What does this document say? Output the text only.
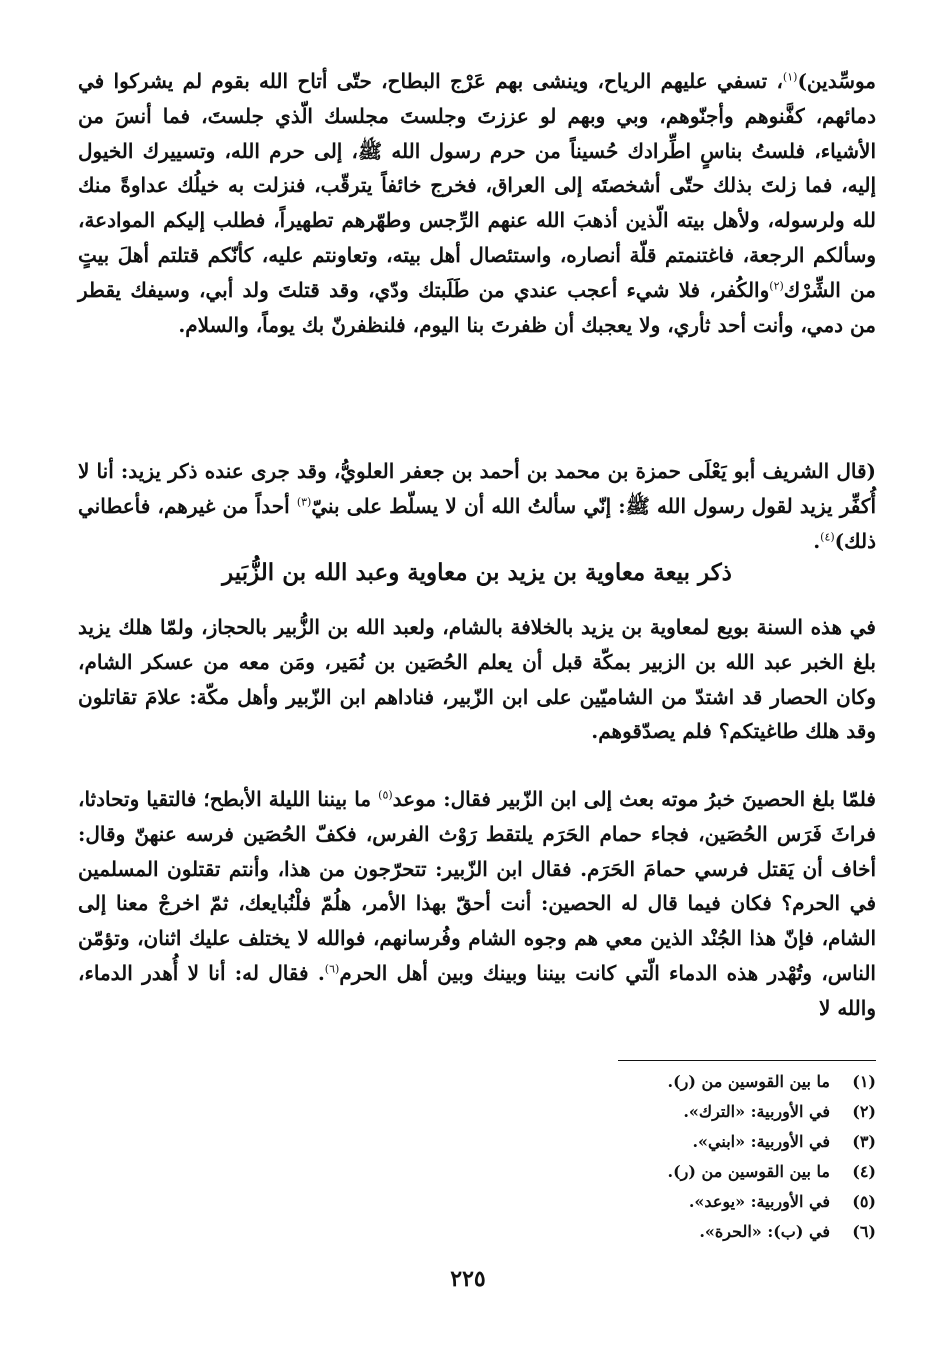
موسِّدين)$^{(١)}$، تسفي عليهم الرياح، وينشى بهم عَرْج البطاح، حتّى أتاح الله بقوم لم يشركوا في دمائهم، كفَّنوهم وأجنّوهم، وبي وبهم لو عززتَ وجلستَ مجلسك الّذي جلستَ، فما أنسَ من الأشياء، فلستُ بناسٍ اطِّرادك حُسيناً من حرم رسول الله ﷺ، إلى حرم الله، وتسييرك الخيول إليه، فما زلتَ بذلك حتّى أشخصتَه إلى العراق، فخرج خائفاً يترقّب، فنزلت به خيلُك عداوةً منك لله ولرسوله، ولأهل بيته الّذين أذهبَ الله عنهم الرِّجس وطهّرهم تطهيراً، فطلب إليكم الموادعة، وسألكم الرجعة، فاغتنمتم قلّة أنصاره، واستئصال أهل بيته، وتعاونتم عليه، كأنّكم قتلتم أهلَ بيتٍ من الشِّرْك$^{(٢)}$والكُفر، فلا شيء أعجب عندي من طَلَبتك ودّي، وقد قتلتَ ولد أبي، وسيفك يقطر من دمي، وأنت أحد ثأري، ولا يعجبك أن ظفرتَ بنا اليوم، فلنظفرنّ بك يوماً، والسلام.

(قال الشريف أبو يَعْلَى حمزة بن محمد بن أحمد بن جعفر العلويُّ، وقد جرى عنده ذكر يزيد: أنا لا أُكفِّر يزيد لقول رسول الله ﷺ: إنّي سألتُ الله أن لا يسلّط على بنيّ$^{(٣)}$ أحداً من غيرهم، فأعطاني ذلك)$^{(٤)}$.

ذكر بيعة معاوية بن يزيد بن معاوية وعبد الله بن الزُّبَير

في هذه السنة بويع لمعاوية بن يزيد بالخلافة بالشام، ولعبد الله بن الزُّبير بالحجاز، ولمّا هلك يزيد بلغ الخبر عبد الله بن الزبير بمكّة قبل أن يعلم الحُصَين بن نُمَير، ومَن معه من عسكر الشام، وكان الحصار قد اشتدّ من الشاميّين على ابن الزّبير، فناداهم ابن الزّبير وأهل مكّة: علامَ تقاتلون وقد هلك طاغيتكم؟ فلم يصدّقوهم.

فلمّا بلغ الحصينَ خبرُ موته بعث إلى ابن الزّبير فقال: موعد$^{(٥)}$ ما بيننا الليلة الأبطح؛ فالتقيا وتحادثا، فراثَ فَرَس الحُصَين، فجاء حمام الحَرَم يلتقط رَوْث الفرس، فكفّ الحُصَين فرسه عنهنّ وقال: أخاف أن يَقتل فرسي حمامَ الحَرَم. فقال ابن الزّبير: تتحرّجون من هذا، وأنتم تقتلون المسلمين في الحرم؟ فكان فيما قال له الحصين: أنت أحقّ بهذا الأمر، هلُمّ فلْنُبايعك، ثمّ اخرجْ معنا إلى الشام، فإنّ هذا الجُنْد الذين معي هم وجوه الشام وفُرسانهم، فوالله لا يختلف عليك اثنان، وتؤمّن الناس، وتُهْدر هذه الدماء الّتي كانت بيننا وبينك وبين أهل الحرم$^{(٦)}$. فقال له: أنا لا أُهدر الدماء، والله لا

(١)
ما بين القوسين من (ر).
(٢)
في الأوربية: «الترك».
(٣)
في الأوربية: «ابني».
(٤)
ما بين القوسين من (ر).
(٥)
في الأوربية: «يوعد».
(٦)
في (ب): «الحرة».
٢٢٥
